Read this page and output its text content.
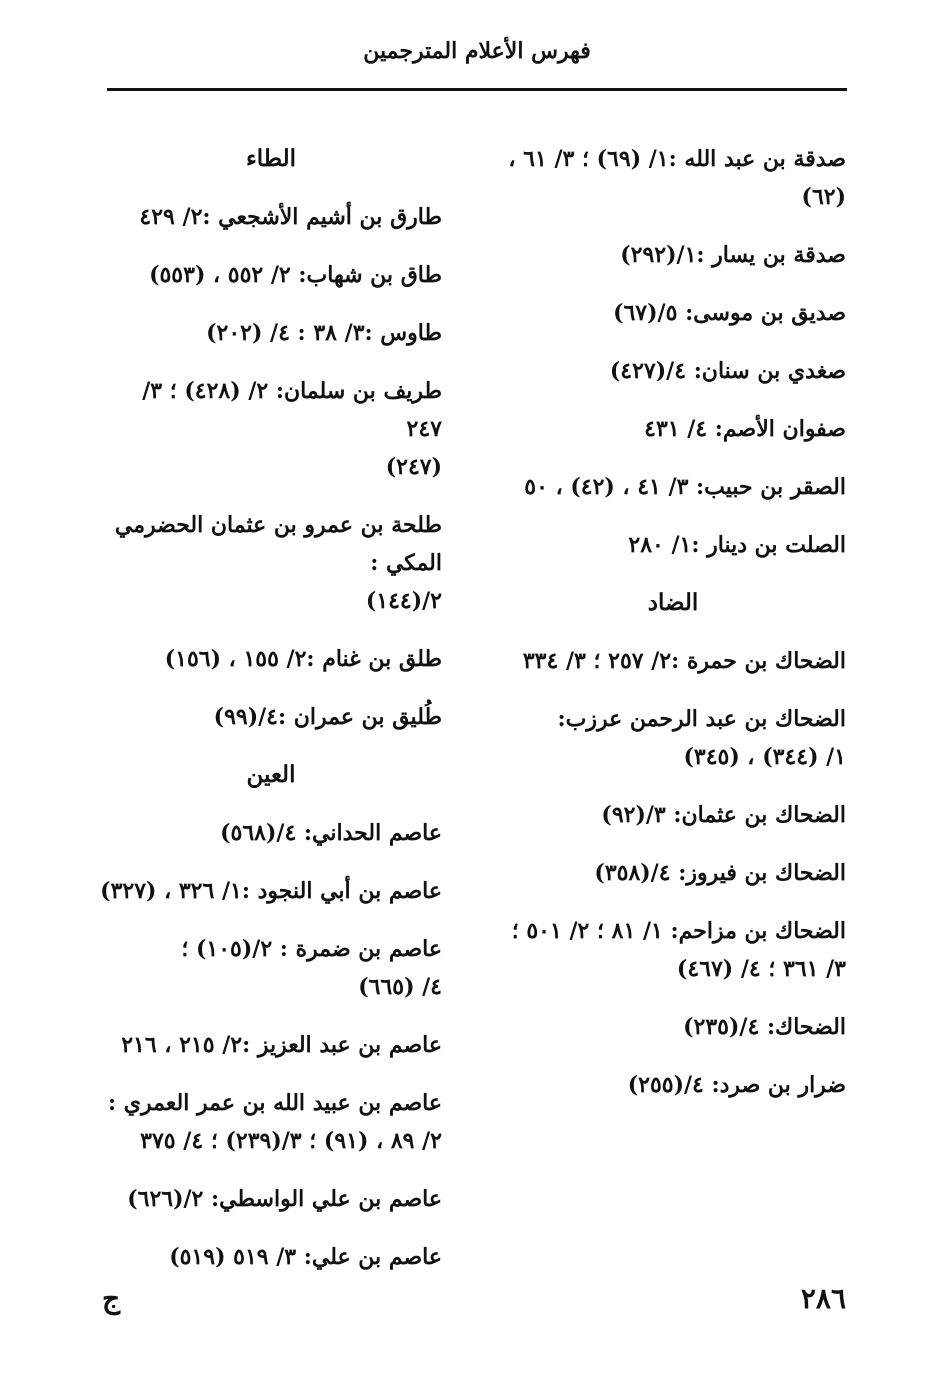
فهرس الأعلام المترجمين
صدقة بن عبد الله :١/ (٦٩) ؛ ٣/ ٦١ ،
(٦٢)
صدقة بن يسار :١/(٢٩٢)
صديق بن موسى: ٥/(٦٧)
صغدي بن سنان: ٤/(٤٢٧)
صفوان الأصم: ٤/ ٤٣١
الصقر بن حبيب: ٣/ ٤١ ، (٤٢) ، ٥٠
الصلت بن دينار :١/ ٢٨٠
الضاد
الضحاك بن حمرة :٢/ ٢٥٧ ؛ ٣/ ٣٣٤
الضحاك بن عبد الرحمن عرزب:
١/ (٣٤٤) ، (٣٤٥)
الضحاك بن عثمان: ٣/(٩٢)
الضحاك بن فيروز: ٤/(٣٥٨)
الضحاك بن مزاحم: ١/ ٨١ ؛ ٢/ ٥٠١ ؛
٣/ ٣٦١ ؛ ٤/ (٤٦٧)
الضحاك: ٤/(٢٣٥)
ضرار بن صرد: ٤/(٢٥٥)
الطاء
طارق بن أشيم الأشجعي :٢/ ٤٢٩
طاق بن شهاب: ٢/ ٥٥٢ ، (٥٥٣)
طاوس :٣/ ٣٨ : ٤/ (٢٠٢)
طريف بن سلمان: ٢/ (٤٢٨) ؛ ٣/ ٢٤٧
(٢٤٧)
طلحة بن عمرو بن عثمان الحضرمي المكي :
٢/(١٤٤)
طلق بن غنام :٢/ ١٥٥ ، (١٥٦)
طُليق بن عمران :٤/(٩٩)
العين
عاصم الحداني: ٤/(٥٦٨)
عاصم بن أبي النجود :١/ ٣٢٦ ، (٣٢٧)
عاصم بن ضمرة : ٢/(١٠٥) ؛
٤/ (٦٦٥)
عاصم بن عبد العزيز :٢/ ٢١٥ ، ٢١٦
عاصم بن عبيد الله بن عمر العمري :
٢/ ٨٩ ، (٩١) ؛ ٣/(٢٣٩) ؛ ٤/ ٣٧٥
عاصم بن علي الواسطي: ٢/(٦٢٦)
عاصم بن علي: ٣/ ٥١٩ (٥١٩)
٢٨٦
ج
